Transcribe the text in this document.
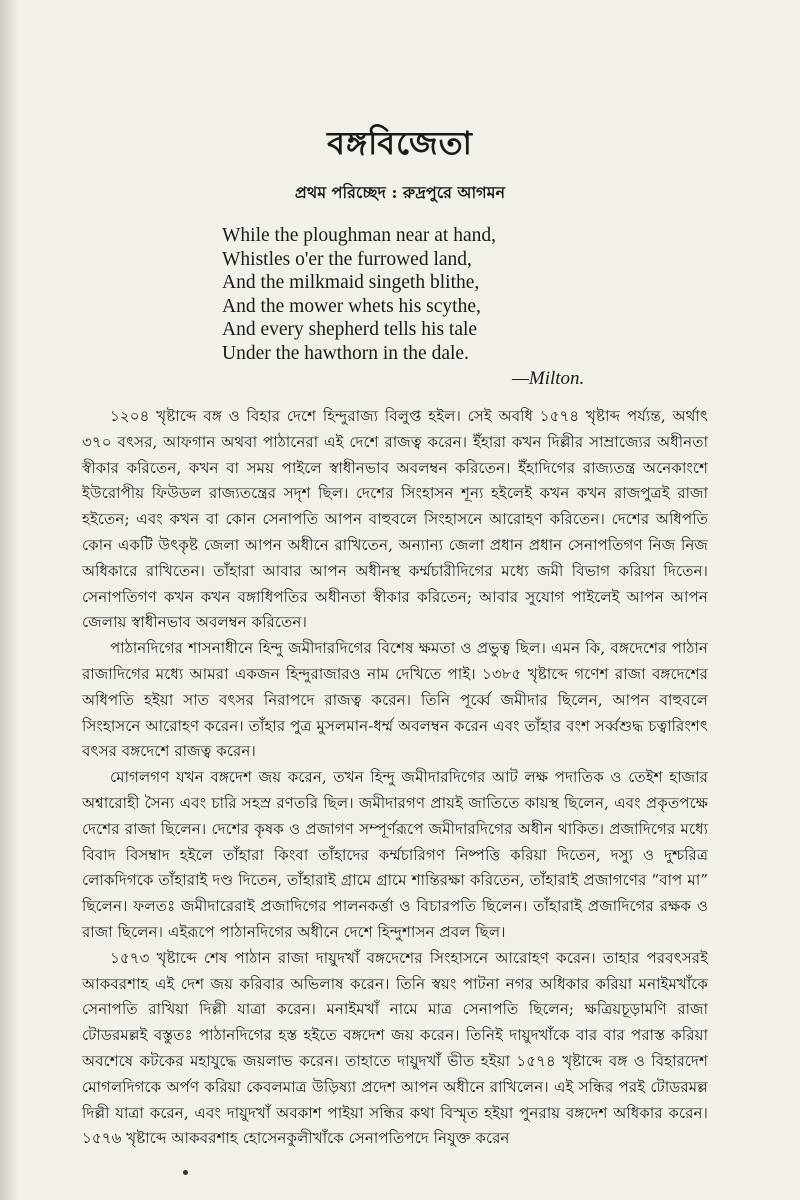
বঙ্গবিজেতা
প্রথম পরিচ্ছেদ : রুদ্রপুরে আগমন
While the ploughman near at hand,
Whistles o'er the furrowed land,
And the milkmaid singeth blithe,
And the mower whets his scythe,
And every shepherd tells his tale
Under the hawthorn in the dale.
—Milton.

১২০৪ খৃষ্টাব্দে বঙ্গ ও বিহার দেশে হিন্দুরাজ্য বিলুপ্ত হইল। সেই অবধি ১৫৭৪ খৃষ্টাব্দ পর্য্যন্ত, অর্থাৎ ৩৭০ বৎসর, আফগান অথবা পাঠানেরা এই দেশে রাজত্ব করেন। ইঁহারা কখন দিল্লীর সাম্রাজ্যের অধীনতা স্বীকার করিতেন, কখন বা সময় পাইলে স্বাধীনভাব অবলম্বন করিতেন। ইঁহাদিগের রাজ্যতন্ত্র অনেকাংশে ইউরোপীয় ফিউডল রাজ্যতন্ত্রের সদৃশ ছিল। দেশের সিংহাসন শূন্য হইলেই কখন কখন রাজপুত্রই রাজা হইতেন; এবং কখন বা কোন সেনাপতি আপন বাহুবলে সিংহাসনে আরোহণ করিতেন। দেশের অধিপতি কোন একটি উৎকৃষ্ট জেলা আপন অধীনে রাখিতেন, অন্যান্য জেলা প্রধান প্রধান সেনাপতিগণ নিজ নিজ অধিকারে রাখিতেন। তাঁহারা আবার আপন অধীনস্থ কর্ম্মচারীদিগের মধ্যে জমী বিভাগ করিয়া দিতেন। সেনাপতিগণ কখন কখন বঙ্গাধিপতির অধীনতা স্বীকার করিতেন; আবার সুযোগ পাইলেই আপন আপন জেলায় স্বাধীনভাব অবলম্বন করিতেন।

পাঠানদিগের শাসনাধীনে হিন্দু জমীদারদিগের বিশেষ ক্ষমতা ও প্রভুত্ব ছিল। এমন কি, বঙ্গদেশের পাঠান রাজাদিগের মধ্যে আমরা একজন হিন্দুরাজারও নাম দেখিতে পাই। ১৩৮৫ খৃষ্টাব্দে গণেশ রাজা বঙ্গদেশের অধিপতি হইয়া সাত বৎসর নিরাপদে রাজত্ব করেন। তিনি পূর্ব্বে জমীদার ছিলেন, আপন বাহুবলে সিংহাসনে আরোহণ করেন। তাঁহার পুত্র মুসলমান-ধর্ম্ম অবলম্বন করেন এবং তাঁহার বংশ সর্ব্বশুদ্ধ চত্বারিংশৎ বৎসর বঙ্গদেশে রাজত্ব করেন।

মোগলগণ যখন বঙ্গদেশ জয় করেন, তখন হিন্দু জমীদারদিগের আট লক্ষ পদাতিক ও তেইশ হাজার অশ্বারোহী সৈন্য এবং চারি সহস্র রণতরি ছিল। জমীদারগণ প্রায়ই জাতিতে কায়স্থ ছিলেন, এবং প্রকৃতপক্ষে দেশের রাজা ছিলেন। দেশের কৃষক ও প্রজাগণ সম্পূর্ণরূপে জমীদারদিগের অধীন থাকিত। প্রজাদিগের মধ্যে বিবাদ বিসম্বাদ হইলে তাঁহারা কিংবা তাঁহাদের কর্ম্মচারিগণ নিষ্পত্তি করিয়া দিতেন, দস্যু ও দুশ্চরিত্র লোকদিগকে তাঁহারাই দণ্ড দিতেন, তাঁহারাই গ্রামে গ্রামে শান্তিরক্ষা করিতেন, তাঁহারাই প্রজাগণের “বাপ মা” ছিলেন। ফলতঃ জমীদারেরাই প্রজাদিগের পালনকর্ত্তা ও বিচারপতি ছিলেন। তাঁহারাই প্রজাদিগের রক্ষক ও রাজা ছিলেন। এইরূপে পাঠানদিগের অধীনে দেশে হিন্দুশাসন প্রবল ছিল।

১৫৭৩ খৃষ্টাব্দে শেষ পাঠান রাজা দায়ুদখাঁ বঙ্গদেশের সিংহাসনে আরোহণ করেন। তাহার পরবৎসরই আকবরশাহ এই দেশ জয় করিবার অভিলাষ করেন। তিনি স্বয়ং পাটনা নগর অধিকার করিয়া মনাইমখাঁকে সেনাপতি রাখিয়া দিল্লী যাত্রা করেন। মনাইমখাঁ নামে মাত্র সেনাপতি ছিলেন; ক্ষত্রিয়চূড়ামণি রাজা টোডরমল্লই বস্তুতঃ পাঠানদিগের হস্ত হইতে বঙ্গদেশ জয় করেন। তিনিই দায়ুদখাঁকে বার বার পরাস্ত করিয়া অবশেষে কটকের মহাযুদ্ধে জয়লাভ করেন। তাহাতে দায়ুদখাঁ ভীত হইয়া ১৫৭৪ খৃষ্টাব্দে বঙ্গ ও বিহারদেশ মোগলদিগকে অর্পণ করিয়া কেবলমাত্র উড়িষ্যা প্রদেশ আপন অধীনে রাখিলেন। এই সন্ধির পরই টোডরমল্ল দিল্লী যাত্রা করেন, এবং দায়ুদখাঁ অবকাশ পাইয়া সন্ধির কথা বিস্মৃত হইয়া পুনরায় বঙ্গদেশ অধিকার করেন। ১৫৭৬ খৃষ্টাব্দে আকবরশাহ হোসেনকুলীখাঁকে সেনাপতিপদে নিযুক্ত করেন
